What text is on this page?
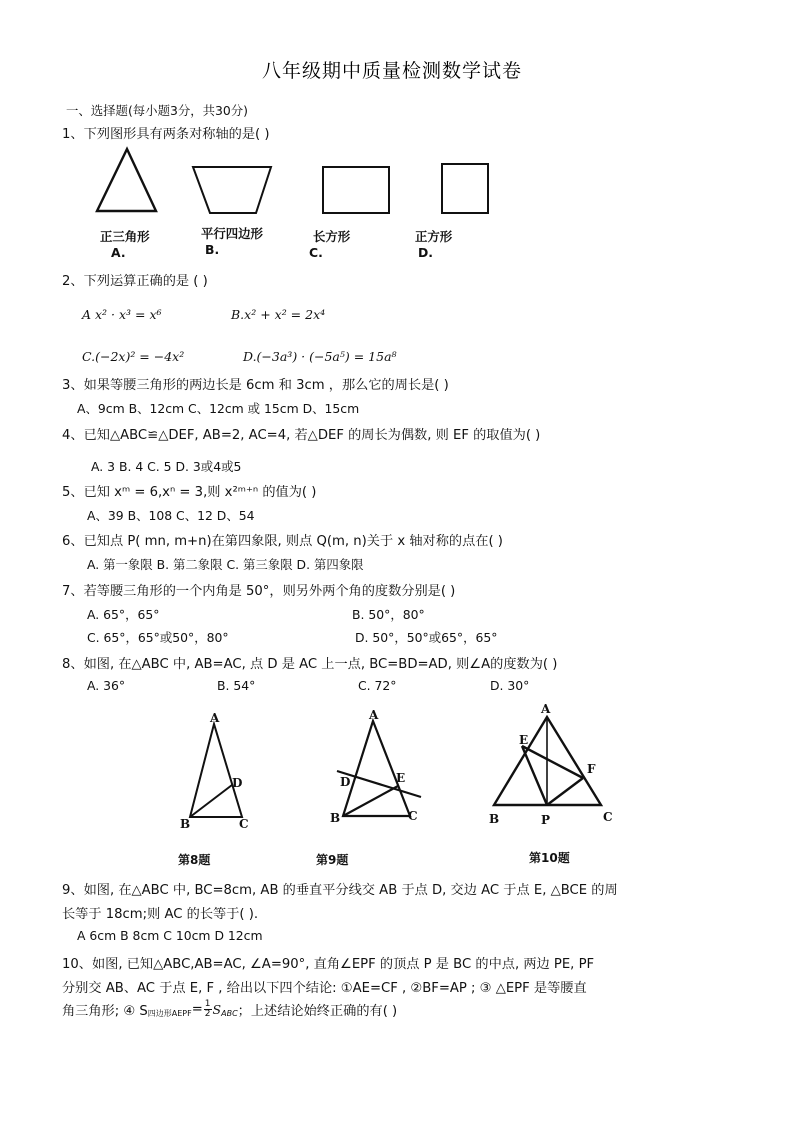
八年级期中质量检测数学试卷
一、选择题(每小题3分，共30分)
1、下列图形具有两条对称轴的是( )
正三角形	平行四边形	长方形	正方形
A.	B.	C.	D.
2、下列运算正确的是 ( )
A x² · x³ = x⁶	B.x² + x² = 2x⁴
C.(−2x)² = −4x²	D.(−3a³) · (−5a⁵) = 15a⁸
3、如果等腰三角形的两边长是 6cm 和 3cm ，那么它的周长是( )
A、9cm B、12cm C、12cm 或 15cm D、15cm
4、已知△ABC≌△DEF, AB=2, AC=4, 若△DEF 的周长为偶数, 则 EF 的取值为( )
A. 3 B. 4 C. 5 D. 3或4或5
5、已知 xᵐ = 6,xⁿ = 3,则 x²ᵐ⁺ⁿ 的值为( )
A、39 B、108 C、12 D、54
6、已知点 P( mn, m+n)在第四象限, 则点 Q(m, n)关于 x 轴对称的点在( )
A. 第一象限 B. 第二象限 C. 第三象限 D. 第四象限
7、若等腰三角形的一个内角是 50°，则另外两个角的度数分别是( )
A. 65°，65°	B. 50°，80°
C. 65°，65°或50°，80°	D. 50°，50°或65°，65°
8、如图, 在△ABC 中, AB=AC, 点 D 是 AC 上一点, BC=BD=AD, 则∠A的度数为( )
A. 36°	B. 54°	C. 72°	D. 30°
A
B	C
D
A
B	C
D	E
A
B	C
E
F
P
第8题	第9题	第10题
9、如图, 在△ABC 中, BC=8cm, AB 的垂直平分线交 AB 于点 D, 交边 AC 于点 E, △BCE 的周
长等于 18cm;则 AC 的长等于( ).
A 6cm B 8cm C 10cm D 12cm
10、如图, 已知△ABC,AB=AC, ∠A=90°, 直角∠EPF 的顶点 P 是 BC 的中点, 两边 PE, PF
分别交 AB、AC 于点 E, F , 给出以下四个结论: ①AE=CF , ②BF=AP ; ③ △EPF 是等腰直
角三角形; ④ S 四边形AEPF = $\frac{1}{2}$ S ABC ；上述结论始终正确的有( )
